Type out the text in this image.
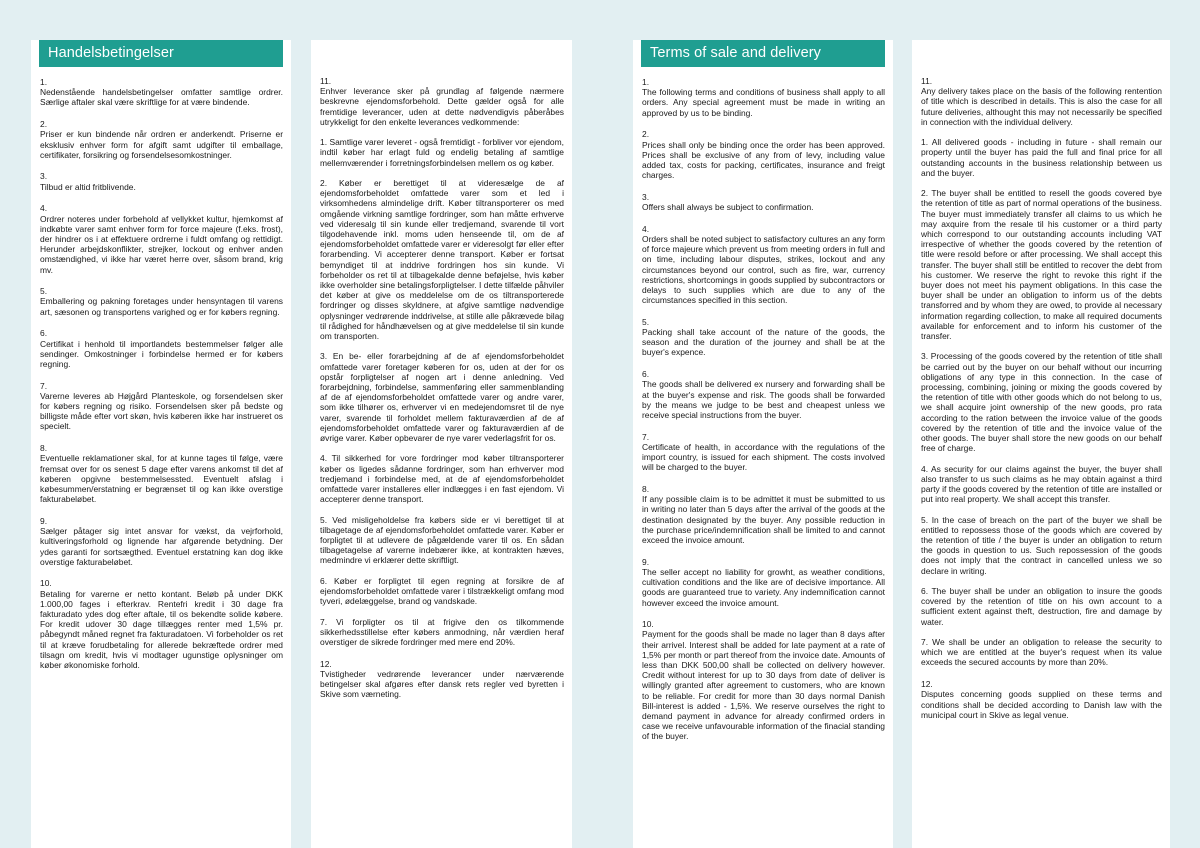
Handelsbetingelser
1.
Nedenstående handelsbetingelser omfatter samtlige ordrer. Særlige aftaler skal være skriftlige for at være bindende.
2.
Priser er kun bindende når ordren er anderkendt. Priserne er eksklusiv enhver form for afgift samt udgifter til emballage, certifikater, forsikring og forsendelsesomkostninger.
3.
Tilbud er altid fritblivende.
4.
Ordrer noteres under forbehold af vellykket kultur, hjemkomst af indkøbte varer samt enhver form for force majeure (f.eks. frost), der hindrer os i at effektuere ordrerne i fuldt omfang og rettidigt. Herunder arbejdskonflikter, strejker, lockout og enhver anden omstændighed, vi ikke har været herre over, såsom brand, krig mv.
5.
Emballering og pakning foretages under hensyntagen til varens art, sæsonen og transportens varighed og er for købers regning.
6.
Certifikat i henhold til importlandets bestemmelser følger alle sendinger. Omkostninger i forbindelse hermed er for købers regning.
7.
Varerne leveres ab Højgård Planteskole, og forsendelsen sker for købers regning og risiko. Forsendelsen sker på bedste og billigste måde efter vort skøn, hvis køberen ikke har instrueret os specielt.
8.
Eventuelle reklamationer skal, for at kunne tages til følge, være fremsat over for os senest 5 dage efter varens ankomst til det af køberen opgivne bestemmelsessted. Eventuelt afslag i købesummen/erstatning er begrænset til og kan ikke overstige fakturabeløbet.
9.
Sælger påtager sig intet ansvar for vækst, da vejrforhold, kultiveringsforhold og lignende har afgørende betydning. Der ydes garanti for sortsægthed. Eventuel erstatning kan dog ikke overstige fakturabeløbet.
10.
Betaling for varerne er netto kontant. Beløb på under DKK 1.000,00 fages i efterkrav. Rentefri kredit i 30 dage fra fakturadato ydes dog efter aftale, til os bekendte solide købere. For kredit udover 30 dage tillægges renter med 1,5% pr. påbegyndt måned regnet fra fakturadatoen. Vi forbeholder os ret til at kræve forudbetaling for allerede bekræftede ordrer med tilsagn om kredit, hvis vi modtager ugunstige oplysninger om køber økonomiske forhold.
11.
Enhver leverance sker på grundlag af følgende nærmere beskrevne ejendomsforbehold. Dette gælder også for alle fremtidige leverancer, uden at dette nødvendigvis påberåbes utrykkeligt for den enkelte leverances vedkommende:
1. Samtlige varer leveret - også fremtidigt - forbliver vor ejendom, indtil køber har erlagt fuld og endelig betaling af samtlige mellemværender i forretningsforbindelsen mellem os og køber.
2. Køber er berettiget til at videresælge de af ejendomsforbeholdet omfattede varer som et led i virksomhedens almindelige drift. Køber tiltransporterer os med omgående virkning samtlige fordringer, som han måtte erhverve ved videresalg til sin kunde eller tredjemand, svarende til vort tilgodehavende inkl. moms uden henseende til, om de af ejendomsforbeholdet omfattede varer er videresolgt før eller efter forarbending. Vi accepterer denne transport. Køber er fortsat bemyndiget til at inddrive fordringen hos sin kunde. Vi forbeholder os ret til at tilbagekalde denne beføjelse, hvis køber ikke overholder sine betalingsforpligtelser. I dette tilfælde påhviler det køber at give os meddelelse om de os tiltransporterede fordringer og disses skyldnere, at afgive samtlige nødvendige oplysninger vedrørende inddrivelse, at stille alle påkrævede bilag til rådighed for håndhævelsen og at give meddelelse til sin kunde om transporten.
3. En be- eller forarbejdning af de af ejendomsforbeholdet omfattede varer foretager køberen for os, uden at der for os opstår forpligtelser af nogen art i denne anledning. Ved forarbejdning, forbindelse, sammenføring eller sammenblanding af de af ejendomsforbeholdet omfattede varer og andre varer, som ikke tilhører os, erhverver vi en medejendomsret til de nye varer, svarende til forholdet mellem fakturaværdien af de af ejendomsforbeholdet omfattede varer og fakturaværdien af de øvrige varer. Køber opbevarer de nye varer vederlagsfrit for os.
4. Til sikkerhed for vore fordringer mod køber tiltransporterer køber os ligedes sådanne fordringer, som han erhverver mod tredjemand i forbindelse med, at de af ejendomsforbeholdet omfattede varer installeres eller indlægges i en fast ejendom. Vi accepterer denne transport.
5. Ved misligeholdelse fra købers side er vi berettiget til at tilbagetage de af ejendomsforbeholdet omfattede varer. Køber er forpligtet til at udlevere de pågældende varer til os. En sådan tilbagetagelse af varerne indebærer ikke, at kontrakten hæves, medmindre vi erklærer dette skriftligt.
6. Køber er forpligtet til egen regning at forsikre de af ejendomsforbeholdet omfattede varer i tilstrækkeligt omfang mod tyveri, ødelæggelse, brand og vandskade.
7. Vi forpligter os til at frigive den os tilkommende sikkerhedsstillelse efter købers anmodning, når værdien heraf overstiger de sikrede fordringer med mere end 20%.
12.
Tvistigheder vedrørende leverancer under nærværende betingelser skal afgøres efter dansk rets regler ved byretten i Skive som værneting.
Terms of sale and delivery
1.
The following terms and conditions of business shall apply to all orders. Any special agreement must be made in writing an approved by us to be binding.
2.
Prices shall only be binding once the order has been approved. Prices shall be exclusive of any from of levy, including value added tax, costs for packing, certificates, insurance and freigt charges.
3.
Offers shall always be subject to confirmation.
4.
Orders shall be noted subject to satisfactory cultures an any form of force majeure which prevent us from meeting orders in full and on time, including labour disputes, strikes, lockout and any circumstances beyond our control, such as fire, war, currency restrictions, shortcomings in goods supplied by subcontractors or delays to such supplies which are due to any of the circumstances specified in this section.
5.
Packing shall take account of the nature of the goods, the season and the duration of the journey and shall be at the buyer's expence.
6.
The goods shall be delivered ex nursery and forwarding shall be at the buyer's expense and risk. The goods shall be forwarded by the means we judge to be best and cheapest unless we receive special instructions from the buyer.
7.
Certificate of health, in accordance with the regulations of the import country, is issued for each shipment. The costs involved will be charged to the buyer.
8.
If any possible claim is to be admittet it must be submitted to us in writing no later than 5 days after the arrival of the goods at the destination designated by the buyer. Any possible reduction in the purchase price/indemnification shall be limited to and cannot exceed the invoice amount.
9.
The seller accept no liability for growht, as weather conditions, cultivation conditions and the like are of decisive importance. All goods are guaranteed true to variety. Any indemnification cannot however exceed the invoice amount.
10.
Payment for the goods shall be made no lager than 8 days after their arrivel. Interest shall be added for late payment at a rate of 1,5% per month or part thereof from the invoice date. Amounts of less than DKK 500,00 shall be collected on delivery however. Credit without interest for up to 30 days from date of deliver is willingly granted after agreement to customers, who are known to be reliable. For credit for more than 30 days normal Danish Bill-interest is added - 1,5%. We reserve ourselves the right to demand payment in advance for already confirmed orders in case we receive unfavourable information of the finacial standing of the buyer.
11.
Any delivery takes place on the basis of the following rentention of title which is described in details. This is also the case for all future deliveries, althought this may not necessarily be specified in connection with the individual delivery.
1. All delivered goods - including in future - shall remain our property until the buyer has paid the full and final price for all outstanding accounts in the business relationship between us and the buyer.
2. The buyer shall be entitled to resell the goods covered bye the retention of title as part of normal operations of the business. The buyer must immediately transfer all claims to us which he may axquire from the resale til his customer or a third party which correspond to our outstanding accounts including VAT irrespective of whether the goods covered by the retention of title were resold before or after processing. We shall accept this transfer. The buyer shall still be entitled to recover the debt from his customer. We reserve the right to revoke this right if the buyer does not meet his payment obligations. In this case the buyer shall be under an obligation to inform us of the debts transforred and by whom they are owed, to provide al necessary information regarding collection, to make all required documents available for enforcement and to inform his customer of the transfer.
3. Processing of the goods covered by the retention of title shall be carried out by the buyer on our behalf without our incurring obligations of any type in this connection. In the case of processing, combining, joining or mixing the goods covered by the retention of title with other goods which do not belong to us, we shall acquire joint ownership of the new goods, pro rata according to the ration between the invoice value of the goods covered by the retention of title and the invoice value of the other goods. The buyer shall store the new goods on our behalf free of charge.
4. As security for our claims against the buyer, the buyer shall also transfer to us such claims as he may obtain against a third party if the goods covered by the retention of title are installed or put into real property. We shall accept this transfer.
5. In the case of breach on the part of the buyer we shall be entitled to repossess those of the goods which are covered by the retention of title / the buyer is under an obligation to return the goods in question to us. Such repossession of the goods does not imply that the contract in cancelled unless we so declare in writing.
6. The buyer shall be under an obligation to insure the goods covered by the retention of title on his own account to a sufficient extent against theft, destruction, fire and damage by water.
7. We shall be under an obligation to release the security to which we are entitled at the buyer's request when its value exceeds the secured accounts by more than 20%.
12.
Disputes concerning goods supplied on these terms and conditions shall be decided according to Danish law with the municipal court in Skive as legal venue.
